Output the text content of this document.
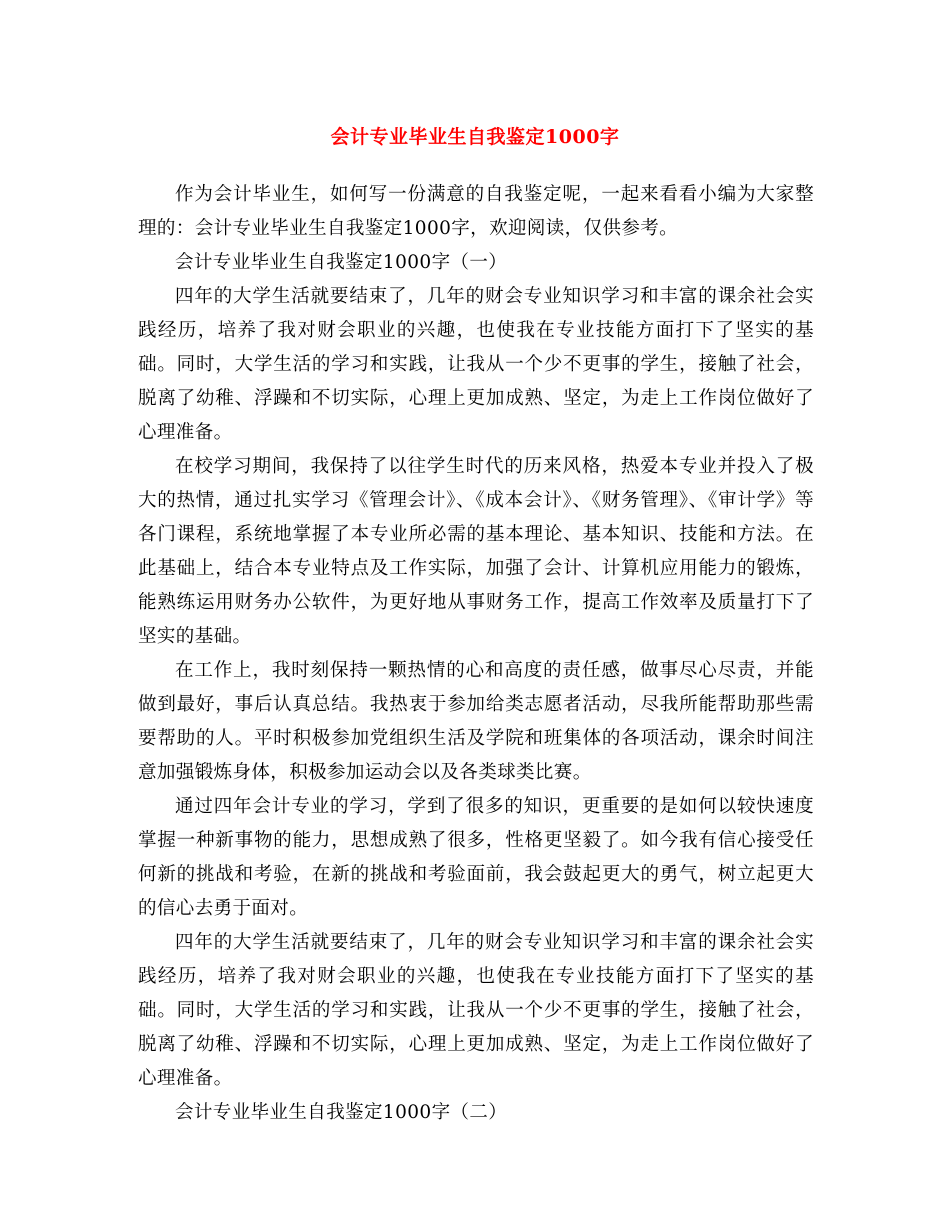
会计专业毕业生自我鉴定1000字

作为会计毕业生，如何写一份满意的自我鉴定呢，一起来看看小编为大家整理的：会计专业毕业生自我鉴定1000字，欢迎阅读，仅供参考。

会计专业毕业生自我鉴定1000字（一）

四年的大学生活就要结束了，几年的财会专业知识学习和丰富的课余社会实践经历，培养了我对财会职业的兴趣，也使我在专业技能方面打下了坚实的基础。同时，大学生活的学习和实践，让我从一个少不更事的学生，接触了社会，脱离了幼稚、浮躁和不切实际，心理上更加成熟、坚定，为走上工作岗位做好了心理准备。

在校学习期间，我保持了以往学生时代的历来风格，热爱本专业并投入了极大的热情，通过扎实学习《管理会计》、《成本会计》、《财务管理》、《审计学》等各门课程，系统地掌握了本专业所必需的基本理论、基本知识、技能和方法。在此基础上，结合本专业特点及工作实际，加强了会计、计算机应用能力的锻炼，能熟练运用财务办公软件，为更好地从事财务工作，提高工作效率及质量打下了坚实的基础。

在工作上，我时刻保持一颗热情的心和高度的责任感，做事尽心尽责，并能做到最好，事后认真总结。我热衷于参加给类志愿者活动，尽我所能帮助那些需要帮助的人。平时积极参加党组织生活及学院和班集体的各项活动，课余时间注意加强锻炼身体，积极参加运动会以及各类球类比赛。

通过四年会计专业的学习，学到了很多的知识，更重要的是如何以较快速度掌握一种新事物的能力，思想成熟了很多，性格更坚毅了。如今我有信心接受任何新的挑战和考验，在新的挑战和考验面前，我会鼓起更大的勇气，树立起更大的信心去勇于面对。

四年的大学生活就要结束了，几年的财会专业知识学习和丰富的课余社会实践经历，培养了我对财会职业的兴趣，也使我在专业技能方面打下了坚实的基础。同时，大学生活的学习和实践，让我从一个少不更事的学生，接触了社会，脱离了幼稚、浮躁和不切实际，心理上更加成熟、坚定，为走上工作岗位做好了心理准备。

会计专业毕业生自我鉴定1000字（二）
